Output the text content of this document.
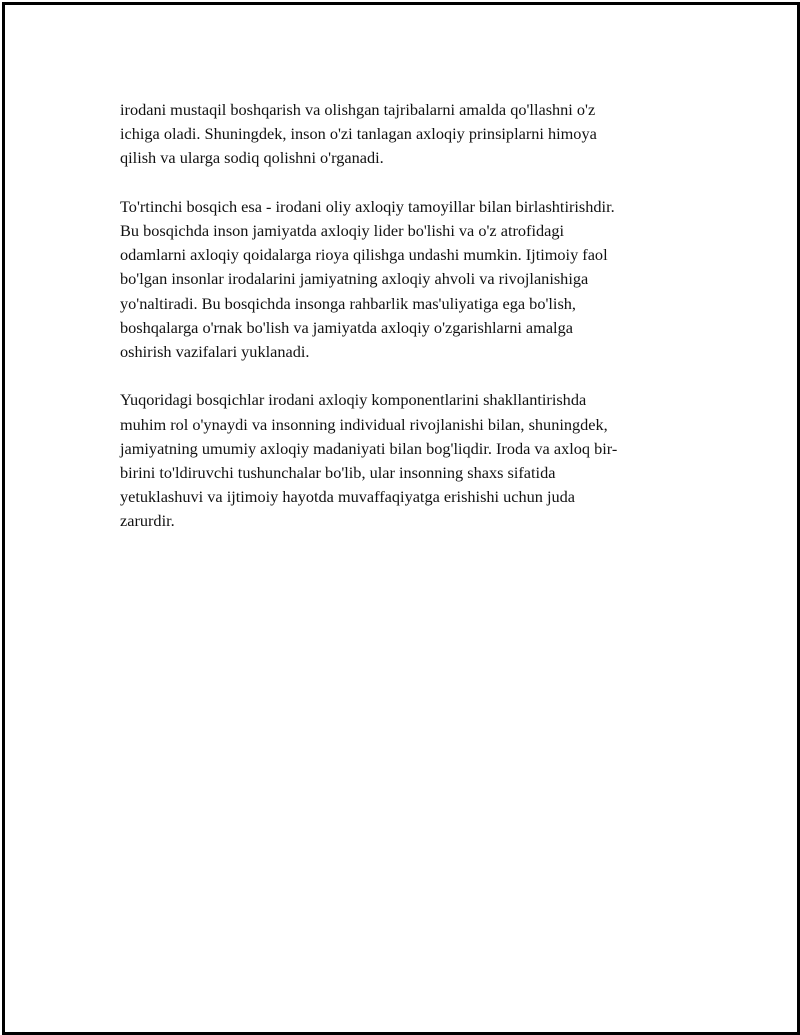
irodani mustaqil boshqarish va olishgan tajribalarni amalda qo'llashni o'z
ichiga oladi. Shuningdek, inson o'zi tanlagan axloqiy prinsiplarni himoya
qilish va ularga sodiq qolishni o'rganadi.

To'rtinchi bosqich esa - irodani oliy axloqiy tamoyillar bilan birlashtirishdir.
Bu bosqichda inson jamiyatda axloqiy lider bo'lishi va o'z atrofidagi
odamlarni axloqiy qoidalarga rioya qilishga undashi mumkin. Ijtimoiy faol
bo'lgan insonlar irodalarini jamiyatning axloqiy ahvoli va rivojlanishiga
yo'naltiradi. Bu bosqichda insonga rahbarlik mas'uliyatiga ega bo'lish,
boshqalarga o'rnak bo'lish va jamiyatda axloqiy o'zgarishlarni amalga
oshirish vazifalari yuklanadi.

Yuqoridagi bosqichlar irodani axloqiy komponentlarini shakllantirishda
muhim rol o'ynaydi va insonning individual rivojlanishi bilan, shuningdek,
jamiyatning umumiy axloqiy madaniyati bilan bog'liqdir. Iroda va axloq bir-
birini to'ldiruvchi tushunchalar bo'lib, ular insonning shaxs sifatida
yetuklashuvi va ijtimoiy hayotda muvaffaqiyatga erishishi uchun juda
zarurdir.
